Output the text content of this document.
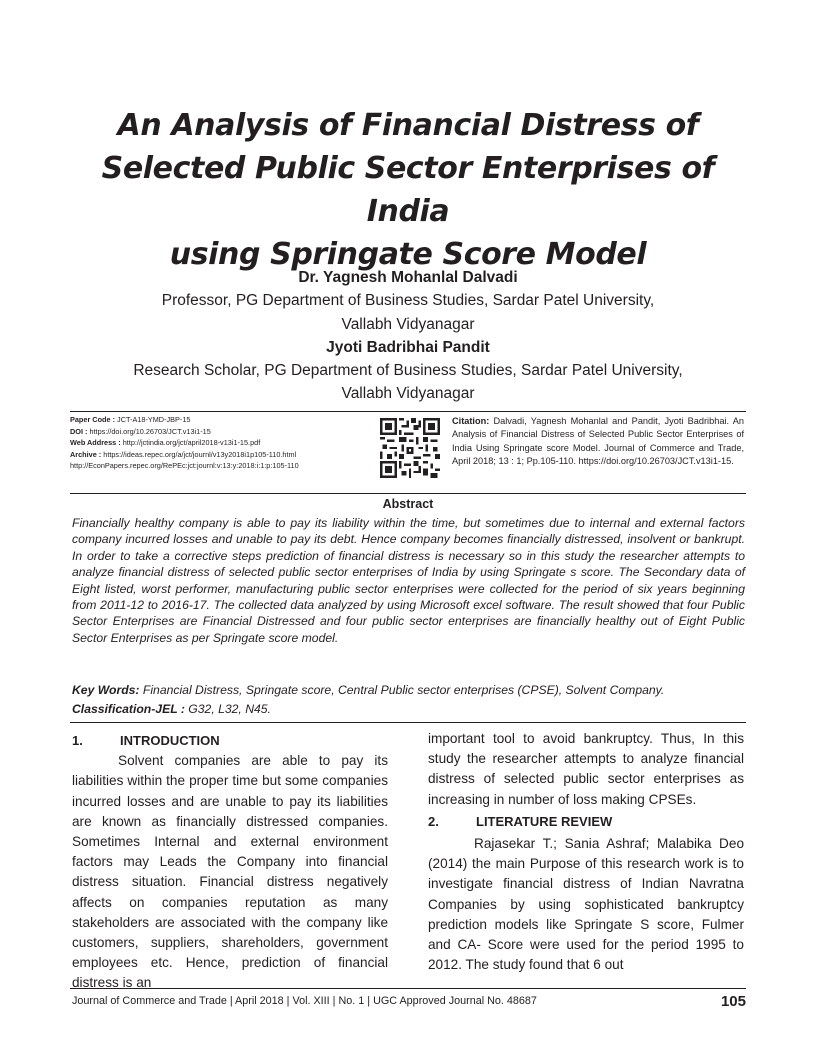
An Analysis of Financial Distress of
Selected Public Sector Enterprises of India
using Springate Score Model
Dr. Yagnesh Mohanlal Dalvadi
Professor, PG Department of Business Studies, Sardar Patel University,
Vallabh Vidyanagar
Jyoti Badribhai Pandit
Research Scholar, PG Department of Business Studies, Sardar Patel University,
Vallabh Vidyanagar
Paper Code : JCT-A18-YMD-JBP-15
DOI : https://doi.org/10.26703/JCT.v13i1-15
Web Address : http://jctindia.org/jct/april2018-v13i1-15.pdf
Archive : https://ideas.repec.org/a/jct/journl/v13y2018i1p105-110.html
http://EconPapers.repec.org/RePEc:jct:journl:v:13:y:2018:i:1:p:105-110
Citation: Dalvadi, Yagnesh Mohanlal and Pandit, Jyoti Badribhai. An Analysis of Financial Distress of Selected Public Sector Enterprises of India Using Springate score Model. Journal of Commerce and Trade, April 2018; 13 : 1; Pp.105-110. https://doi.org/10.26703/JCT.v13i1-15.
Abstract
Financially healthy company is able to pay its liability within the time, but sometimes due to internal and external factors company incurred losses and unable to pay its debt. Hence company becomes financially distressed, insolvent or bankrupt. In order to take a corrective steps prediction of financial distress is necessary so in this study the researcher attempts to analyze financial distress of selected public sector enterprises of India by using Springate s score. The Secondary data of Eight listed, worst performer, manufacturing public sector enterprises were collected for the period of six years beginning from 2011-12 to 2016-17. The collected data analyzed by using Microsoft excel software. The result showed that four Public Sector Enterprises are Financial Distressed and four public sector enterprises are financially healthy out of Eight Public Sector Enterprises as per Springate score model.
Key Words: Financial Distress, Springate score, Central Public sector enterprises (CPSE), Solvent Company.
Classification-JEL : G32, L32, N45.
1.	INTRODUCTION

Solvent companies are able to pay its liabilities within the proper time but some companies incurred losses and are unable to pay its liabilities are known as financially distressed companies. Sometimes Internal and external environment factors may Leads the Company into financial distress situation. Financial distress negatively affects on companies reputation as many stakeholders are associated with the company like customers, suppliers, shareholders, government employees etc. Hence, prediction of financial distress is an

important tool to avoid bankruptcy. Thus, In this study the researcher attempts to analyze financial distress of selected public sector enterprises as increasing in number of loss making CPSEs.

2.	LITERATURE REVIEW

Rajasekar T.; Sania Ashraf; Malabika Deo (2014) the main Purpose of this research work is to investigate financial distress of Indian Navratna Companies by using sophisticated bankruptcy prediction models like Springate S score, Fulmer and CA- Score were used for the period 1995 to 2012. The study found that 6 out

Journal of Commerce and Trade | April 2018 | Vol. XIII | No. 1 | UGC Approved Journal No. 48687	105
